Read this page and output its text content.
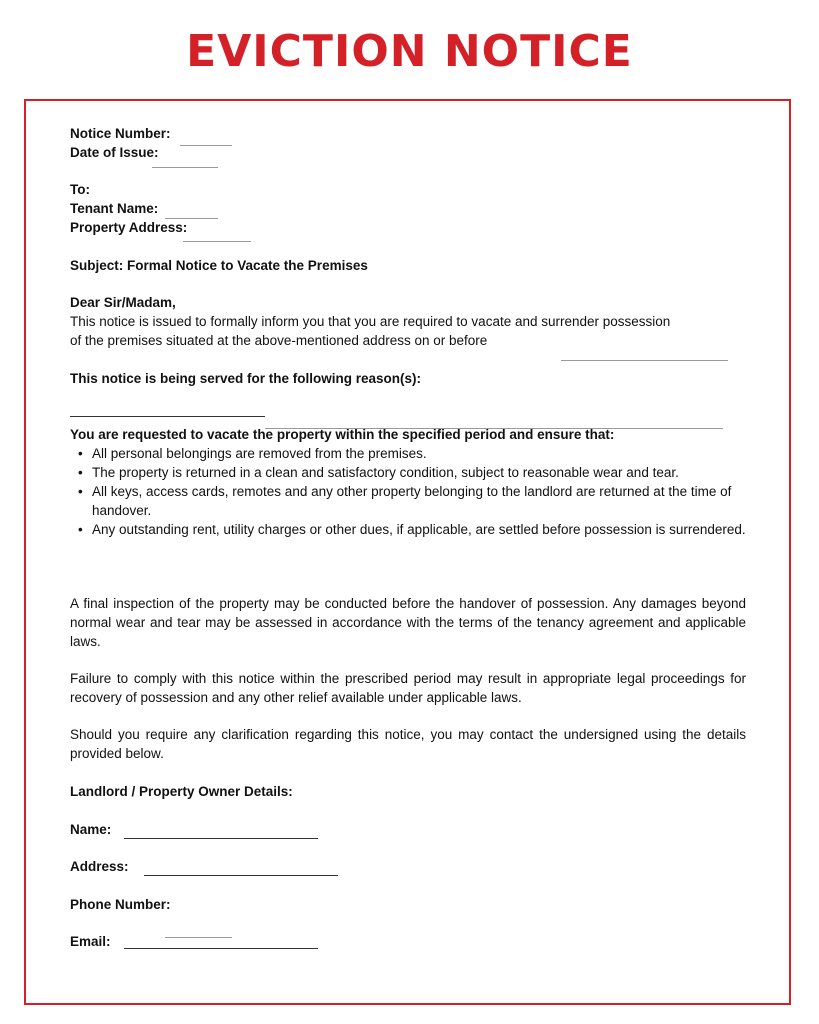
EVICTION NOTICE
Notice Number:
Date of Issue:
To:
Tenant Name:
Property Address:
Subject: Formal Notice to Vacate the Premises
Dear Sir/Madam,
This notice is issued to formally inform you that you are required to vacate and surrender possession
of the premises situated at the above-mentioned address on or before
This notice is being served for the following reason(s):
You are requested to vacate the property within the specified period and ensure that:
• All personal belongings are removed from the premises.
• The property is returned in a clean and satisfactory condition, subject to reasonable wear and tear.
• All keys, access cards, remotes and any other property belonging to the landlord are returned at the time of handover.
• Any outstanding rent, utility charges or other dues, if applicable, are settled before possession is surrendered.
A final inspection of the property may be conducted before the handover of possession. Any damages beyond normal wear and tear may be assessed in accordance with the terms of the tenancy agreement and applicable laws.
Failure to comply with this notice within the prescribed period may result in appropriate legal proceedings for recovery of possession and any other relief available under applicable laws.
Should you require any clarification regarding this notice, you may contact the undersigned using the details provided below.
Landlord / Property Owner Details:
Name:
Address:
Phone Number:
Email:
